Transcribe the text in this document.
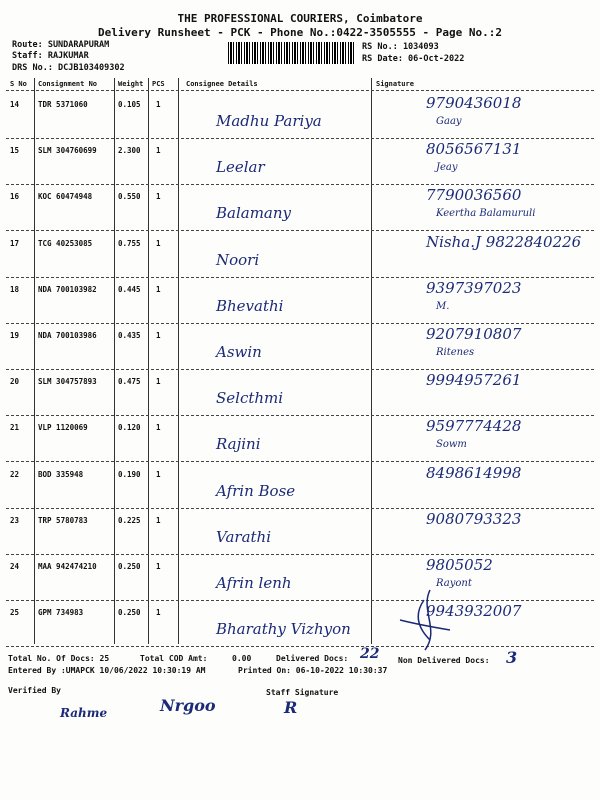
THE PROFESSIONAL COURIERS, Coimbatore
Delivery Runsheet - PCK - Phone No.:0422-3505555 - Page No.:2
Route: SUNDARAPURAM
Staff: RAJKUMAR
DRS No.: DCJB103409302
RS No.: 1034093
RS Date: 06-Oct-2022
S No Consignment No	Weight PCS	Consignee Details	Signature
14	TDR 5371060	0.105 1
Madhu Pariya
9790436018
Gaay
15	SLM 304760699	2.300 1
Leelar
8056567131
Jeay
16	KOC 60474948	0.550 1
Balamany
7790036560
Keertha Balamuruli
17	TCG 40253085	0.755 1
Noori
Nisha.J 9822840226
18	NDA 700103982	0.445 1
Bhevathi
9397397023
M.
19	NDA 700103986	0.435 1
Aswin
9207910807
Ritenes
20	SLM 304757893	0.475 1
Selcthmi
9994957261
21	VLP 1120069	0.120 1
Rajini
9597774428
Sowm
22	BOD 335948	0.190 1
Afrin Bose
8498614998
23	TRP 5780783	0.225 1
Varathi
9080793323
24	MAA 942474210	0.250 1
Afrin lenh
9805052
Rayont
25	GPM 734983	0.250 1
Bharathy Vizhyon
9943932007
Total No. Of Docs: 25	Total COD Amt:	0.00	Delivered Docs: 22 Non Delivered Docs: 3
Entered By :UMAPCK 10/06/2022 10:30:19 AM	Printed On: 06-10-2022 10:30:37
Verified By	Staff Signature
Rahme	Nrgoo	R
